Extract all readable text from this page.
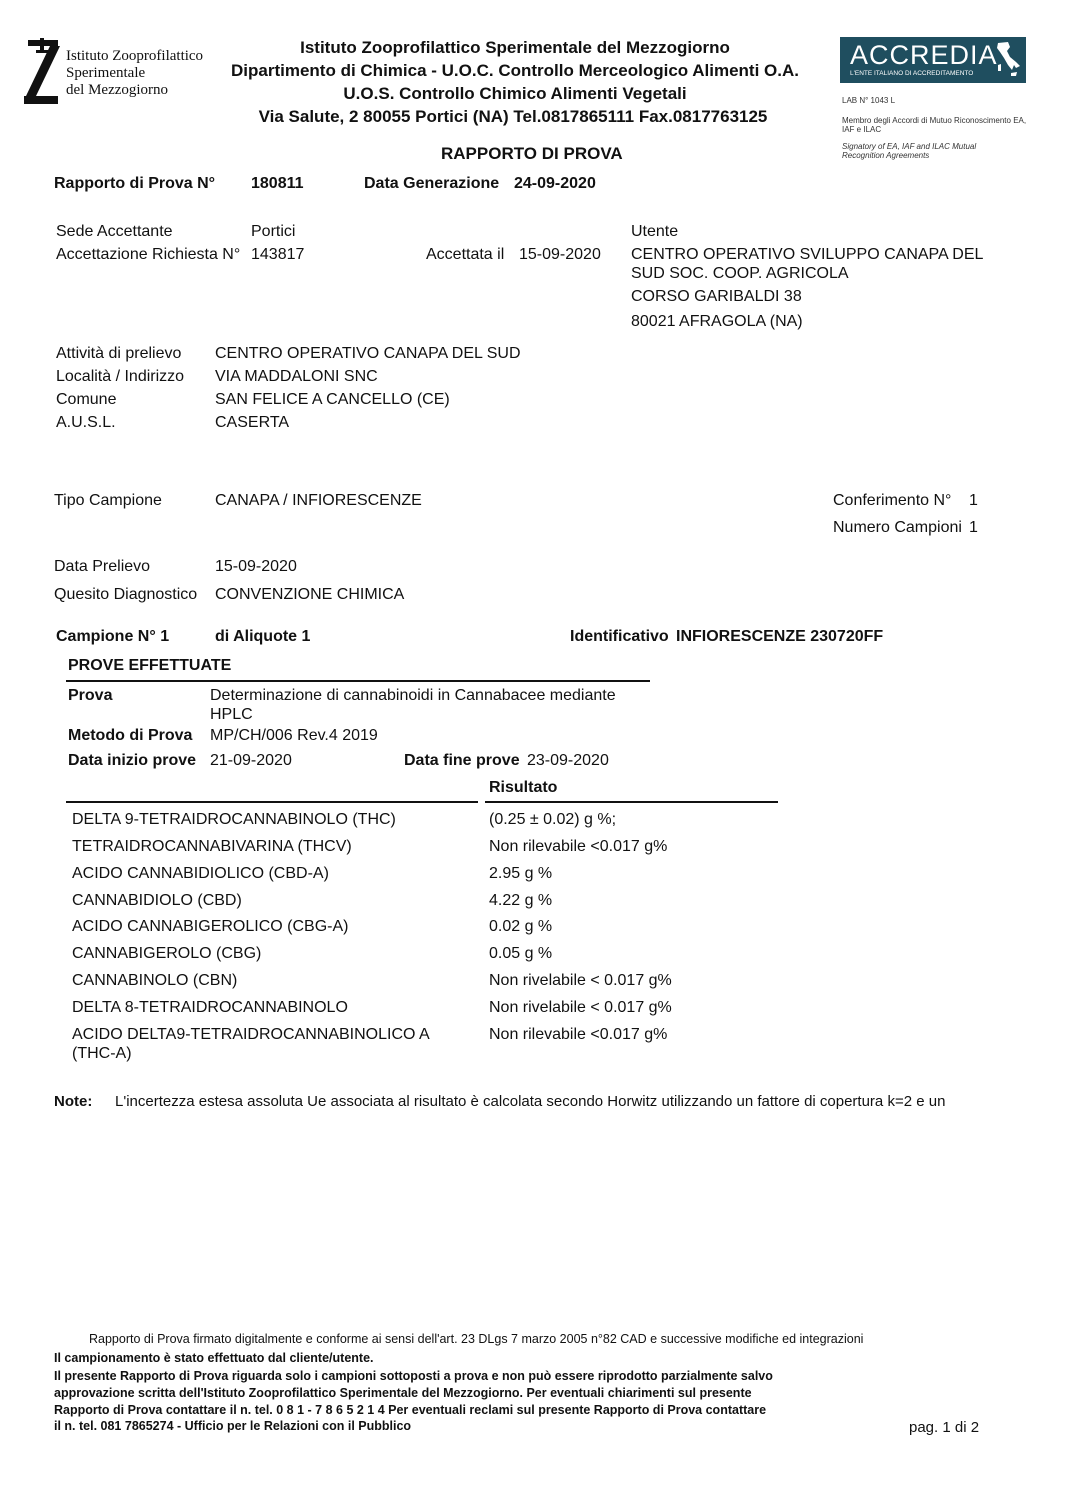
Istituto Zooprofilattico
Sperimentale
del Mezzogiorno
Istituto Zooprofilattico Sperimentale del Mezzogiorno
Dipartimento di Chimica - U.O.C. Controllo Merceologico Alimenti O.A.
U.O.S. Controllo Chimico Alimenti Vegetali
Via Salute, 2 80055 Portici (NA) Tel.0817865111 Fax.0817763125
RAPPORTO DI PROVA
ACCREDIA
L'ENTE ITALIANO DI ACCREDITAMENTO
LAB N° 1043 L
Membro degli Accordi di Mutuo Riconoscimento EA, IAF e ILAC
Signatory of EA, IAF and ILAC Mutual Recognition Agreements
Rapporto di Prova N° 180811	Data Generazione 24-09-2020
Sede Accettante	Portici
Accettazione Richiesta N° 143817	Accettata il 15-09-2020
Utente
CENTRO OPERATIVO SVILUPPO CANAPA DEL
SUD SOC. COOP. AGRICOLA
CORSO GARIBALDI 38
80021 AFRAGOLA (NA)
Attività di prelievo CENTRO OPERATIVO CANAPA DEL SUD
Località / Indirizzo VIA MADDALONI SNC
Comune	SAN FELICE A CANCELLO (CE)
A.U.S.L.	CASERTA
Tipo Campione	CANAPA / INFIORESCENZE	Conferimento N° 1
Numero Campioni 1
Data Prelievo	15-09-2020
Quesito Diagnostico CONVENZIONE CHIMICA
Campione N° 1	di Aliquote 1	Identificativo INFIORESCENZE 230720FF
PROVE EFFETTUATE
Prova	Determinazione di cannabinoidi in Cannabacee mediante
HPLC
Metodo di Prova MP/CH/006 Rev.4 2019
Data inizio prove 21-09-2020	Data fine prove 23-09-2020
Risultato
DELTA 9-TETRAIDROCANNABINOLO (THC)	(0.25 ± 0.02) g %;
TETRAIDROCANNABIVARINA (THCV)	Non rilevabile <0.017 g%
ACIDO CANNABIDIOLICO (CBD-A)	2.95 g %
CANNABIDIOLO (CBD)	4.22 g %
ACIDO CANNABIGEROLICO (CBG-A)	0.02 g %
CANNABIGEROLO (CBG)	0.05 g %
CANNABINOLO (CBN)	Non rivelabile < 0.017 g%
DELTA 8-TETRAIDROCANNABINOLO	Non rivelabile < 0.017 g%
ACIDO DELTA9-TETRAIDROCANNABINOLICO A
(THC-A)
Non rilevabile <0.017 g%
Note: L'incertezza estesa assoluta Ue associata al risultato è calcolata secondo Horwitz utilizzando un fattore di copertura k=2 e un
Rapporto di Prova firmato digitalmente e conforme ai sensi dell'art. 23 DLgs 7 marzo 2005 n°82 CAD e successive modifiche ed integrazioni
Il campionamento è stato effettuato dal cliente/utente.
Il presente Rapporto di Prova riguarda solo i campioni sottoposti a prova e non può essere riprodotto parzialmente salvo
approvazione scritta dell'Istituto Zooprofilattico Sperimentale del Mezzogiorno. Per eventuali chiarimenti sul presente
Rapporto di Prova contattare il n. tel. 0 8 1 - 7 8 6 5 2 1 4 Per eventuali reclami sul presente Rapporto di Prova contattare
il n. tel. 081 7865274 - Ufficio per le Relazioni con il Pubblico	pag. 1 di 2
